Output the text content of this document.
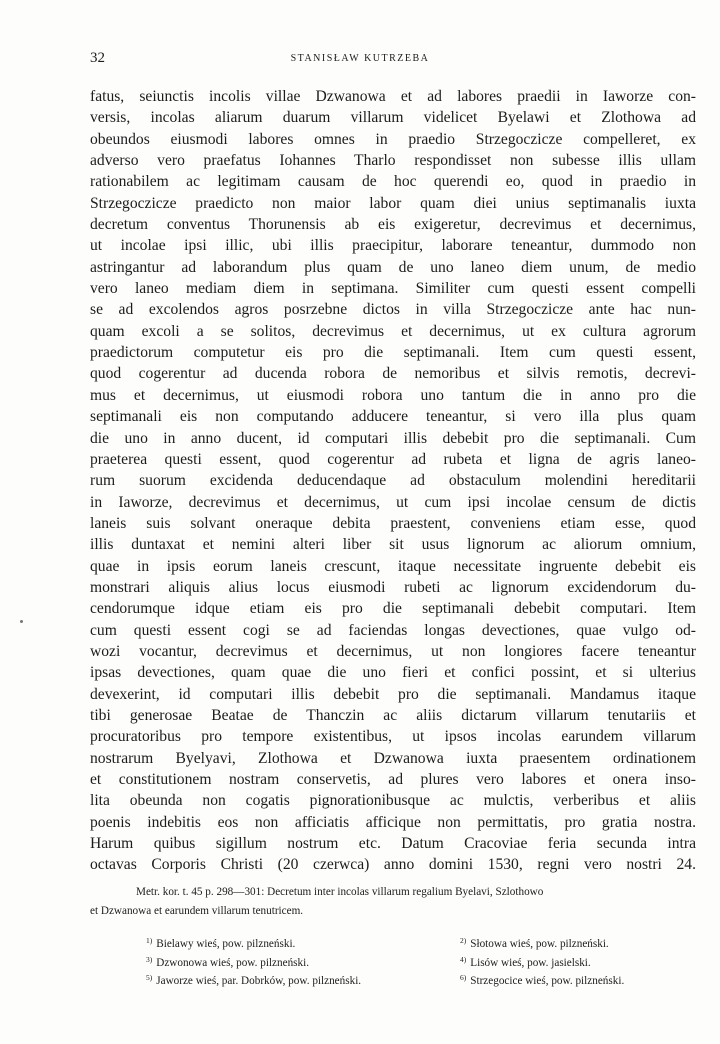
32	STANISŁAW KUTRZEBA
fatus, seiunctis incolis villae Dzwanowa et ad labores praedii in Iaworze con-
versis, incolas aliarum duarum villarum videlicet Byelawi et Zlothowa ad
obeundos eiusmodi labores omnes in praedio Strzegoczicze compelleret, ex
adverso vero praefatus Iohannes Tharlo respondisset non subesse illis ullam
rationabilem ac legitimam causam de hoc querendi eo, quod in praedio in
Strzegoczicze praedicto non maior labor quam diei unius septimanalis iuxta
decretum conventus Thorunensis ab eis exigeretur, decrevimus et decernimus,
ut incolae ipsi illic, ubi illis praecipitur, laborare teneantur, dummodo non
astringantur ad laborandum plus quam de uno laneo diem unum, de medio
vero laneo mediam diem in septimana. Similiter cum questi essent compelli
se ad excolendos agros posrzebne dictos in villa Strzegoczicze ante hac nun-
quam excoli a se solitos, decrevimus et decernimus, ut ex cultura agrorum
praedictorum computetur eis pro die septimanali. Item cum questi essent,
quod cogerentur ad ducenda robora de nemoribus et silvis remotis, decrevi-
mus et decernimus, ut eiusmodi robora uno tantum die in anno pro die
septimanali eis non computando adducere teneantur, si vero illa plus quam
die uno in anno ducent, id computari illis debebit pro die septimanali. Cum
praeterea questi essent, quod cogerentur ad rubeta et ligna de agris laneo-
rum suorum excidenda deducendaque ad obstaculum molendini hereditarii
in Iaworze, decrevimus et decernimus, ut cum ipsi incolae censum de dictis
laneis suis solvant oneraque debita praestent, conveniens etiam esse, quod
illis duntaxat et nemini alteri liber sit usus lignorum ac aliorum omnium,
quae in ipsis eorum laneis crescunt, itaque necessitate ingruente debebit eis
monstrari aliquis alius locus eiusmodi rubeti ac lignorum excidendorum du-
cendorumque idque etiam eis pro die septimanali debebit computari. Item
cum questi essent cogi se ad faciendas longas devectiones, quae vulgo od-
wozi vocantur, decrevimus et decernimus, ut non longiores facere teneantur
ipsas devectiones, quam quae die uno fieri et confici possint, et si ulterius
devexerint, id computari illis debebit pro die septimanali. Mandamus itaque
tibi generosae Beatae de Thanczin ac aliis dictarum villarum tenutariis et
procuratoribus pro tempore existentibus, ut ipsos incolas earundem villarum
nostrarum Byelyavi, Zlothowa et Dzwanowa iuxta praesentem ordinationem
et constitutionem nostram conservetis, ad plures vero labores et onera inso-
lita obeunda non cogatis pignorationibusque ac mulctis, verberibus et aliis
poenis indebitis eos non afficiatis afficique non permittatis, pro gratia nostra.
Harum quibus sigillum nostrum etc. Datum Cracoviae feria secunda intra
octavas Corporis Christi (20 czerwca) anno domini 1530, regni vero nostri 24.
Metr. kor. t. 45 p. 298—301: Decretum inter incolas villarum regalium Byelavi, Szlothowo
et Dzwanowa et earundem villarum tenutricem.
$^{1)}$ Bielawy wieś, pow. pilzneński.	$^{2)}$ Słotowa wieś, pow. pilzneński.
$^{3)}$ Dzwonowa wieś, pow. pilzneński.	$^{4)}$ Lisów wieś, pow. jasielski.
$^{5)}$ Jaworze wieś, par. Dobrków, pow. pilzneński.	$^{6)}$ Strzegocice wieś, pow. pilzneński.
